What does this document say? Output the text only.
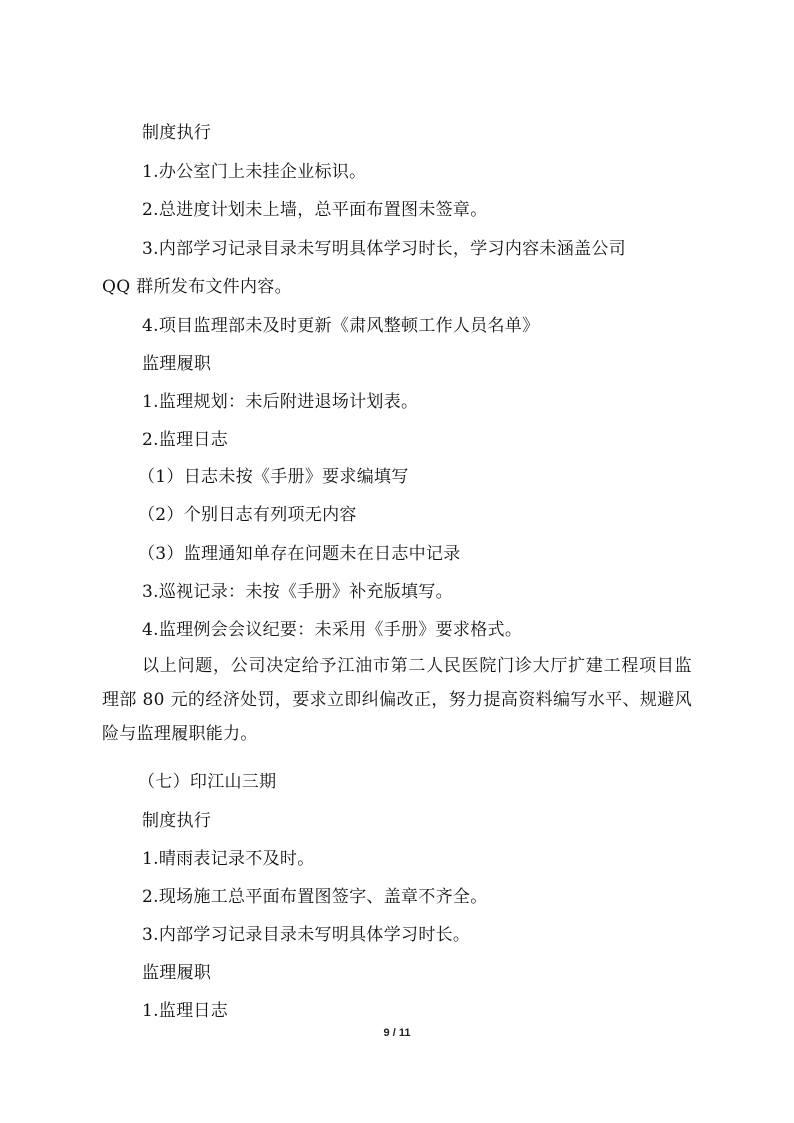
制度执行
1.办公室门上未挂企业标识。
2.总进度计划未上墙，总平面布置图未签章。
3.内部学习记录目录未写明具体学习时长，学习内容未涵盖公司
QQ 群所发布文件内容。
4.项目监理部未及时更新《肃风整顿工作人员名单》
监理履职
1.监理规划：未后附进退场计划表。
2.监理日志
（1）日志未按《手册》要求编填写
（2）个别日志有列项无内容
（3）监理通知单存在问题未在日志中记录
3.巡视记录：未按《手册》补充版填写。
4.监理例会会议纪要：未采用《手册》要求格式。
以上问题，公司决定给予江油市第二人民医院门诊大厅扩建工程项目监理部 80 元的经济处罚，要求立即纠偏改正，努力提高资料编写水平、规避风险与监理履职能力。
（七）印江山三期
制度执行
1.晴雨表记录不及时。
2.现场施工总平面布置图签字、盖章不齐全。
3.内部学习记录目录未写明具体学习时长。
监理履职
1.监理日志
9 / 11
